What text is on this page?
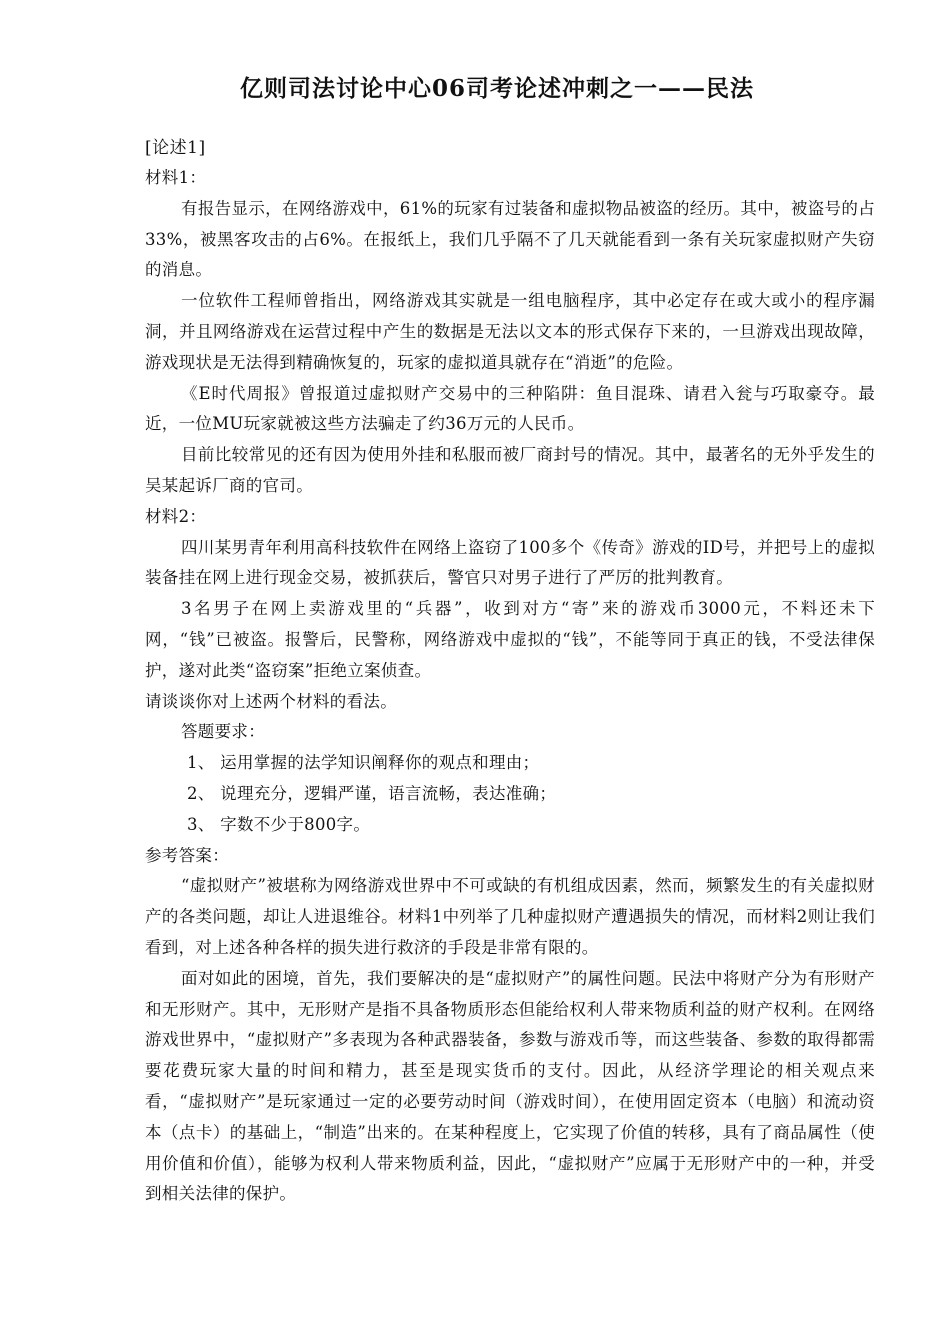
亿则司法讨论中心06司考论述冲刺之一——民法
[论述1]

材料1：

有报告显示，在网络游戏中，61%的玩家有过装备和虚拟物品被盗的经历。其中，被盗号的占33%，被黑客攻击的占6%。在报纸上，我们几乎隔不了几天就能看到一条有关玩家虚拟财产失窃的消息。

一位软件工程师曾指出，网络游戏其实就是一组电脑程序，其中必定存在或大或小的程序漏洞，并且网络游戏在运营过程中产生的数据是无法以文本的形式保存下来的，一旦游戏出现故障，游戏现状是无法得到精确恢复的，玩家的虚拟道具就存在“消逝”的危险。

《E时代周报》曾报道过虚拟财产交易中的三种陷阱：鱼目混珠、请君入瓮与巧取豪夺。最近，一位MU玩家就被这些方法骗走了约36万元的人民币。

目前比较常见的还有因为使用外挂和私服而被厂商封号的情况。其中，最著名的无外乎发生的吴某起诉厂商的官司。

材料2：

四川某男青年利用高科技软件在网络上盗窃了100多个《传奇》游戏的ID号，并把号上的虚拟装备挂在网上进行现金交易，被抓获后，警官只对男子进行了严厉的批判教育。

3名男子在网上卖游戏里的“兵器”，收到对方“寄”来的游戏币3000元，不料还未下网，“钱”已被盗。报警后，民警称，网络游戏中虚拟的“钱”，不能等同于真正的钱，不受法律保护，遂对此类“盗窃案”拒绝立案侦查。

请谈谈你对上述两个材料的看法。

答题要求：

1、 运用掌握的法学知识阐释你的观点和理由；

2、 说理充分，逻辑严谨，语言流畅，表达准确；

3、 字数不少于800字。

参考答案：

“虚拟财产”被堪称为网络游戏世界中不可或缺的有机组成因素，然而，频繁发生的有关虚拟财产的各类问题，却让人进退维谷。材料1中列举了几种虚拟财产遭遇损失的情况，而材料2则让我们看到，对上述各种各样的损失进行救济的手段是非常有限的。

面对如此的困境，首先，我们要解决的是“虚拟财产”的属性问题。民法中将财产分为有形财产和无形财产。其中，无形财产是指不具备物质形态但能给权利人带来物质利益的财产权利。在网络游戏世界中，“虚拟财产”多表现为各种武器装备，参数与游戏币等，而这些装备、参数的取得都需要花费玩家大量的时间和精力，甚至是现实货币的支付。因此，从经济学理论的相关观点来看，“虚拟财产”是玩家通过一定的必要劳动时间（游戏时间），在使用固定资本（电脑）和流动资本（点卡）的基础上，“制造”出来的。在某种程度上，它实现了价值的转移，具有了商品属性（使用价值和价值），能够为权利人带来物质利益，因此，“虚拟财产”应属于无形财产中的一种，并受到相关法律的保护。
